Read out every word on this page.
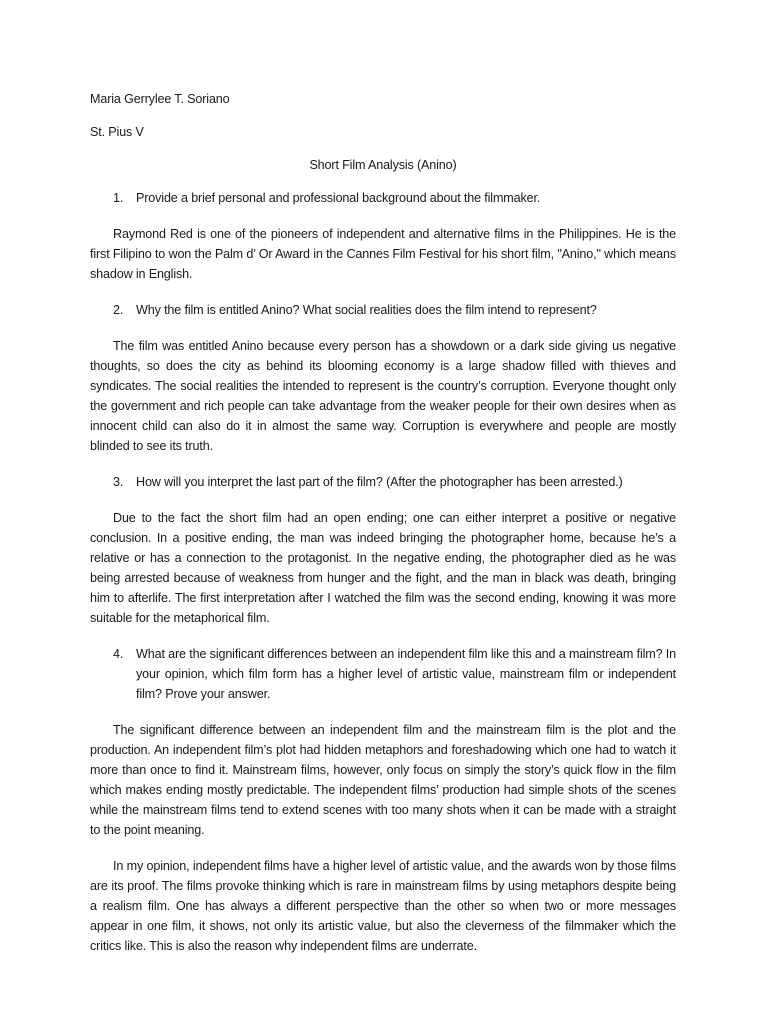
Maria Gerrylee T. Soriano

St. Pius V

Short Film Analysis (Anino)

1.	Provide a brief personal and professional background about the filmmaker.

Raymond Red is one of the pioneers of independent and alternative films in the Philippines. He is the first Filipino to won the Palm d’ Or Award in the Cannes Film Festival for his short film, "Anino," which means shadow in English.

2.	Why the film is entitled Anino? What social realities does the film intend to represent?

The film was entitled Anino because every person has a showdown or a dark side giving us negative thoughts, so does the city as behind its blooming economy is a large shadow filled with thieves and syndicates. The social realities the intended to represent is the country’s corruption. Everyone thought only the government and rich people can take advantage from the weaker people for their own desires when as innocent child can also do it in almost the same way. Corruption is everywhere and people are mostly blinded to see its truth.

3.	How will you interpret the last part of the film? (After the photographer has been arrested.)

Due to the fact the short film had an open ending; one can either interpret a positive or negative conclusion. In a positive ending, the man was indeed bringing the photographer home, because he’s a relative or has a connection to the protagonist. In the negative ending, the photographer died as he was being arrested because of weakness from hunger and the fight, and the man in black was death, bringing him to afterlife. The first interpretation after I watched the film was the second ending, knowing it was more suitable for the metaphorical film.

4.	What are the significant differences between an independent film like this and a mainstream film? In your opinion, which film form has a higher level of artistic value, mainstream film or independent film? Prove your answer.

The significant difference between an independent film and the mainstream film is the plot and the production. An independent film’s plot had hidden metaphors and foreshadowing which one had to watch it more than once to find it. Mainstream films, however, only focus on simply the story’s quick flow in the film which makes ending mostly predictable. The independent films’ production had simple shots of the scenes while the mainstream films tend to extend scenes with too many shots when it can be made with a straight to the point meaning.

In my opinion, independent films have a higher level of artistic value, and the awards won by those films are its proof. The films provoke thinking which is rare in mainstream films by using metaphors despite being a realism film. One has always a different perspective than the other so when two or more messages appear in one film, it shows, not only its artistic value, but also the cleverness of the filmmaker which the critics like. This is also the reason why independent films are underrate.
